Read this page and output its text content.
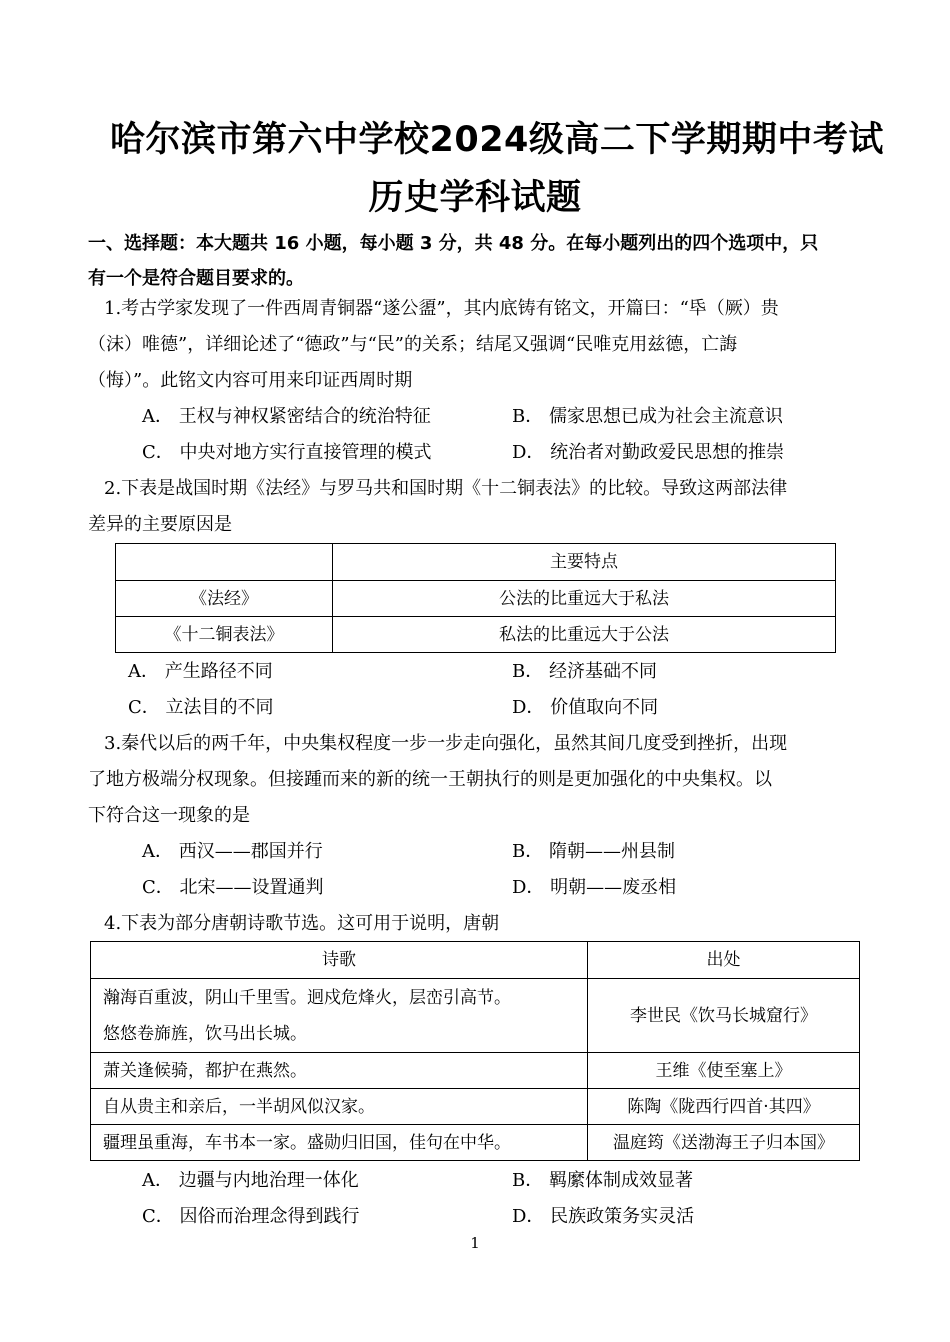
哈尔滨市第六中学校2024级高二下学期期中考试
历史学科试题
一、选择题：本大题共 16 小题，每小题 3 分，共 48 分。在每小题列出的四个选项中，只
有一个是符合题目要求的。
1.考古学家发现了一件西周青铜器“遂公盨”，其内底铸有铭文，开篇曰：“氒（厥）贵
（沫）唯德”，详细论述了“德政”与“民”的关系；结尾又强调“民唯克用兹德，亡誨
（悔）”。此铭文内容可用来印证西周时期
A． 王权与神权紧密结合的统治特征	B． 儒家思想已成为社会主流意识
C． 中央对地方实行直接管理的模式	D． 统治者对勤政爱民思想的推崇
2.下表是战国时期《法经》与罗马共和国时期《十二铜表法》的比较。导致这两部法律
差异的主要原因是
	主要特点
《法经》	公法的比重远大于私法
《十二铜表法》	私法的比重远大于公法
A． 产生路径不同	B． 经济基础不同
C． 立法目的不同	D． 价值取向不同
3.秦代以后的两千年，中央集权程度一步一步走向强化，虽然其间几度受到挫折，出现
了地方极端分权现象。但接踵而来的新的统一王朝执行的则是更加强化的中央集权。以
下符合这一现象的是
A． 西汉——郡国并行	B． 隋朝——州县制
C． 北宋——设置通判	D． 明朝——废丞相
4.下表为部分唐朝诗歌节选。这可用于说明，唐朝
诗歌	出处

瀚海百重波，阴山千里雪。迥戍危烽火，层峦引高节。
悠悠卷旆旌，饮马出长城。	李世民《饮马长城窟行》
萧关逢候骑，都护在燕然。	王维《使至塞上》
自从贵主和亲后，一半胡风似汉家。	陈陶《陇西行四首·其四》
疆理虽重海，车书本一家。盛勋归旧国，佳句在中华。	温庭筠《送渤海王子归本国》
A． 边疆与内地治理一体化	B． 羁縻体制成效显著
C． 因俗而治理念得到践行	D． 民族政策务实灵活
1
